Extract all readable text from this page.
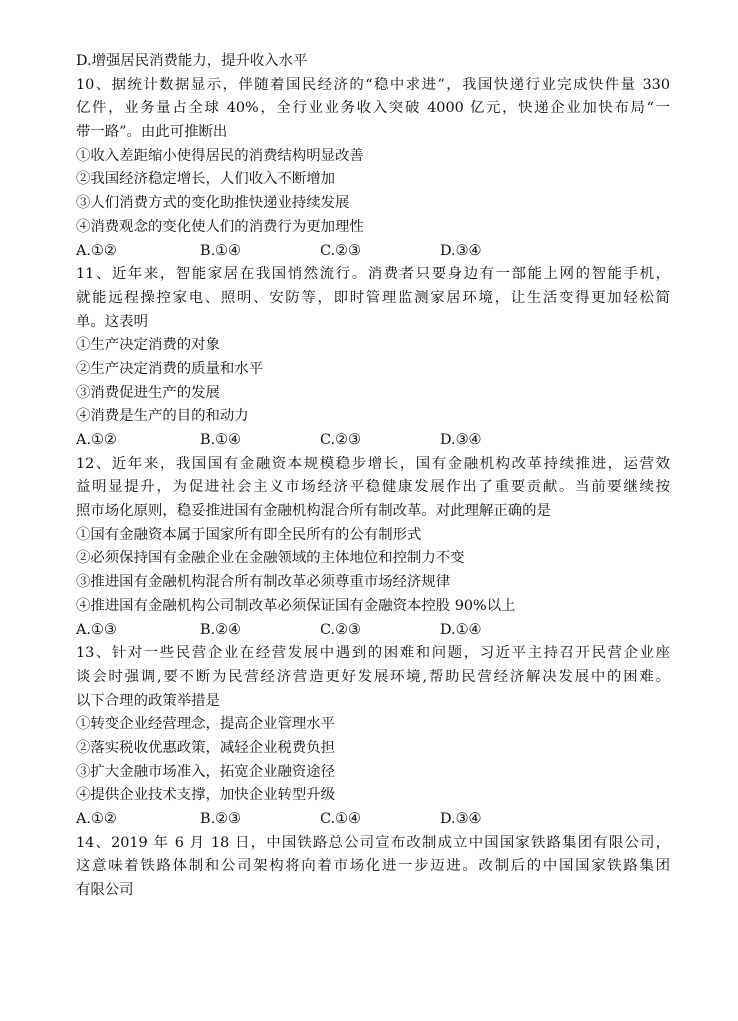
D.增强居民消费能力，提升收入水平
10、据统计数据显示，伴随着国民经济的“稳中求进”，我国快递行业完成快件量 330
亿件，业务量占全球 40%，全行业业务收入突破 4000 亿元，快递企业加快布局“一
带一路”。由此可推断出
①收入差距缩小使得居民的消费结构明显改善
②我国经济稳定增长，人们收入不断增加
③人们消费方式的变化助推快递业持续发展
④消费观念的变化使人们的消费行为更加理性
A.①②	B.①④	C.②③	D.③④
11、近年来，智能家居在我国悄然流行。消费者只要身边有一部能上网的智能手机，
就能远程操控家电、照明、安防等，即时管理监测家居环境，让生活变得更加轻松简
单。这表明
①生产决定消费的对象
②生产决定消费的质量和水平
③消费促进生产的发展
④消费是生产的目的和动力
A.①②	B.①④	C.②③	D.③④
12、近年来，我国国有金融资本规模稳步增长，国有金融机构改革持续推进，运营效
益明显提升，为促进社会主义市场经济平稳健康发展作出了重要贡献。当前要继续按
照市场化原则，稳妥推进国有金融机构混合所有制改革。对此理解正确的是
①国有金融资本属于国家所有即全民所有的公有制形式
②必须保持国有金融企业在金融领域的主体地位和控制力不变
③推进国有金融机构混合所有制改革必须尊重市场经济规律
④推进国有金融机构公司制改革必须保证国有金融资本控股 90%以上
A.①③	B.②④	C.②③	D.①④
13、针对一些民营企业在经营发展中遇到的困难和问题，习近平主持召开民营企业座
谈会时强调,要不断为民营经济营造更好发展环境,帮助民营经济解决发展中的困难。
以下合理的政策举措是
①转变企业经营理念，提高企业管理水平
②落实税收优惠政策，减轻企业税费负担
③扩大金融市场准入，拓宽企业融资途径
④提供企业技术支撑，加快企业转型升级
A.①②	B.②③	C.①④	D.③④
14、2019 年 6 月 18 日，中国铁路总公司宣布改制成立中国国家铁路集团有限公司，
这意味着铁路体制和公司架构将向着市场化进一步迈进。改制后的中国国家铁路集团
有限公司
